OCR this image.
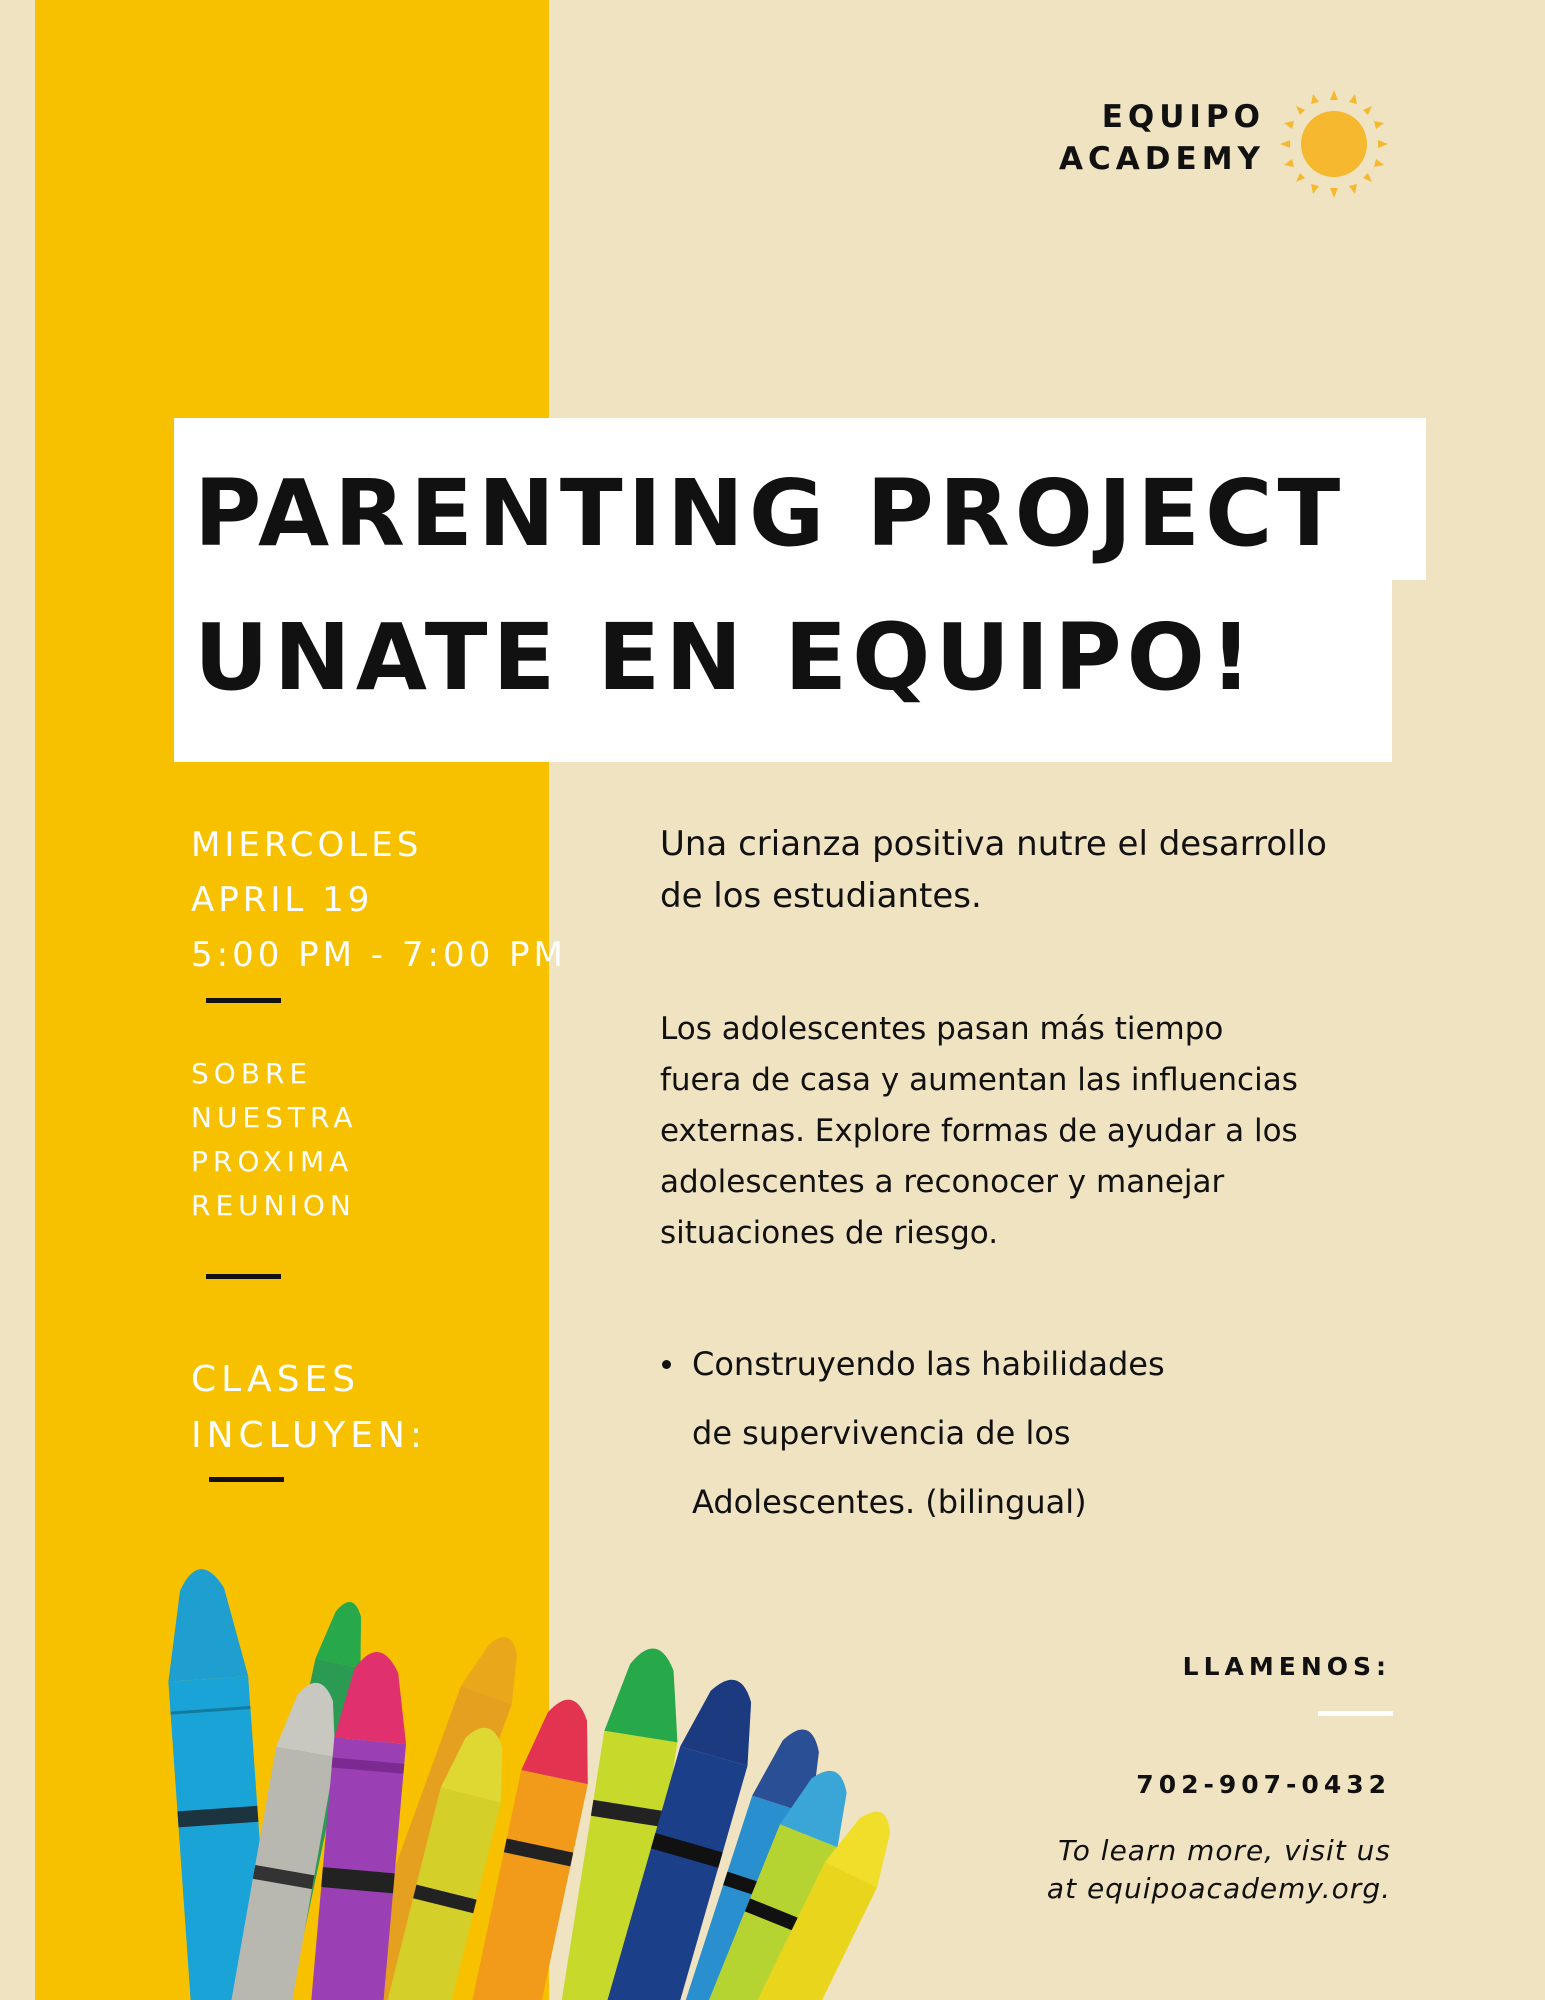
EQUIPO
ACADEMY
PARENTING PROJECT
UNATE EN EQUIPO!
MIERCOLES
APRIL 19
5:00 PM - 7:00 PM
SOBRE
NUESTRA
PROXIMA
REUNION
CLASES
INCLUYEN:
Una crianza positiva nutre el desarrollo
de los estudiantes.
Los adolescentes pasan más tiempo
fuera de casa y aumentan las influencias
externas. Explore formas de ayudar a los
adolescentes a reconocer y manejar
situaciones de riesgo.
Construyendo las habilidades
de supervivencia de los
Adolescentes. (bilingual)
LLAMENOS:
702-907-0432
To learn more, visit us
at equipoacademy.org.
